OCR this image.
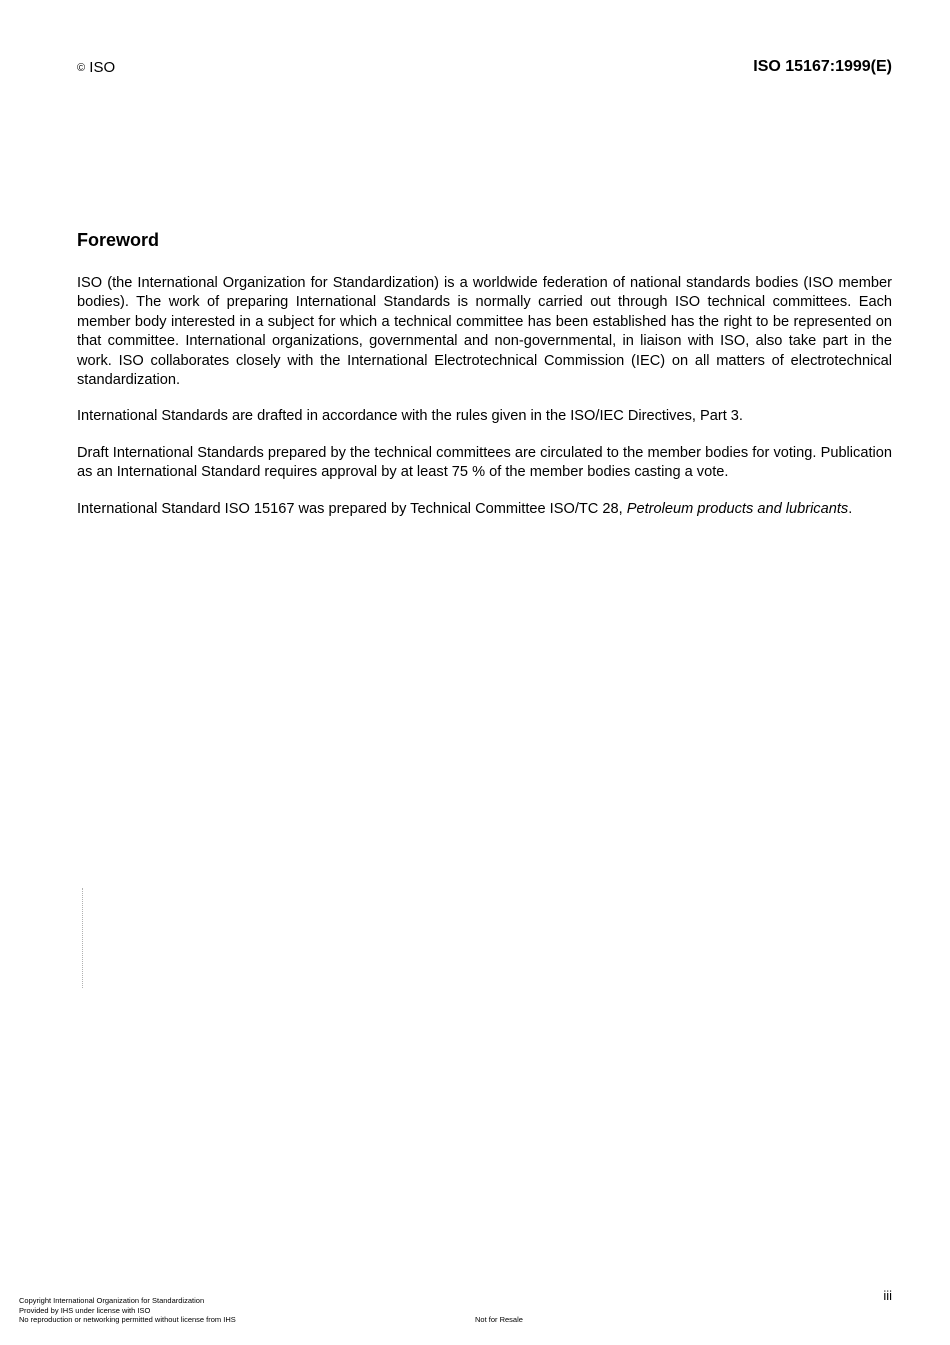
© ISO	ISO 15167:1999(E)
Foreword

ISO (the International Organization for Standardization) is a worldwide federation of national standards bodies (ISO member bodies). The work of preparing International Standards is normally carried out through ISO technical committees. Each member body interested in a subject for which a technical committee has been established has the right to be represented on that committee. International organizations, governmental and non-governmental, in liaison with ISO, also take part in the work. ISO collaborates closely with the International Electrotechnical Commission (IEC) on all matters of electrotechnical standardization.

International Standards are drafted in accordance with the rules given in the ISO/IEC Directives, Part 3.

Draft International Standards prepared by the technical committees are circulated to the member bodies for voting. Publication as an International Standard requires approval by at least 75 % of the member bodies casting a vote.

International Standard ISO 15167 was prepared by Technical Committee ISO/TC 28, Petroleum products and lubricants.

iii
Copyright International Organization for Standardization
Provided by IHS under license with ISO
No reproduction or networking permitted without license from IHS	Not for Resale
